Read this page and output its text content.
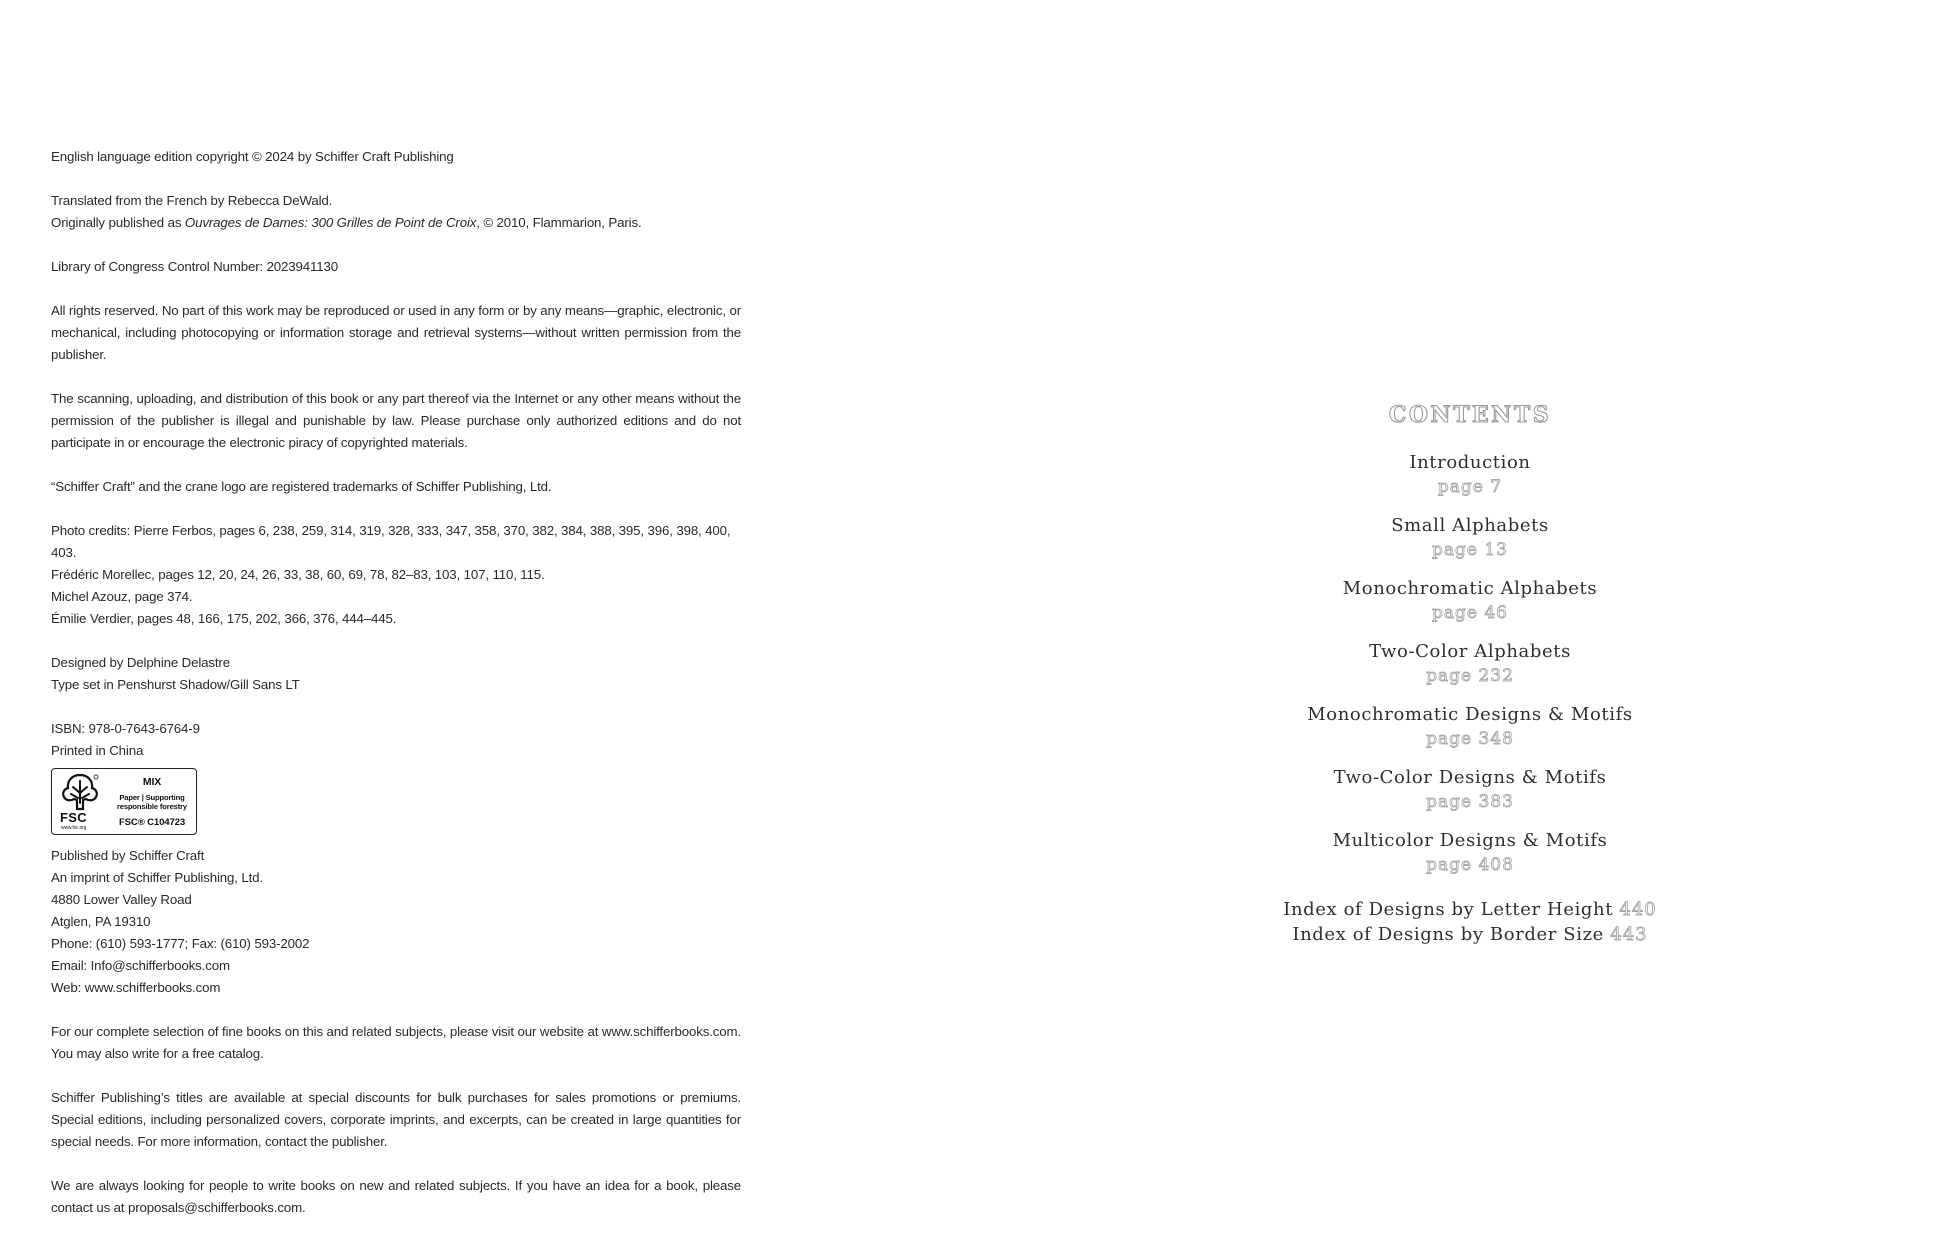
English language edition copyright © 2024 by Schiffer Craft Publishing

Translated from the French by Rebecca DeWald.
Originally published as Ouvrages de Dames: 300 Grilles de Point de Croix, © 2010, Flammarion, Paris.

Library of Congress Control Number: 2023941130

All rights reserved. No part of this work may be reproduced or used in any form or by any means—graphic, electronic, or mechanical, including photocopying or information storage and retrieval systems—without written permission from the publisher.

The scanning, uploading, and distribution of this book or any part thereof via the Internet or any other means without the permission of the publisher is illegal and punishable by law. Please purchase only authorized editions and do not participate in or encourage the electronic piracy of copyrighted materials.

“Schiffer Craft” and the crane logo are registered trademarks of Schiffer Publishing, Ltd.

Photo credits: Pierre Ferbos, pages 6, 238, 259, 314, 319, 328, 333, 347, 358, 370, 382, 384, 388, 395, 396, 398, 400, 403.
Frédéric Morellec, pages 12, 20, 24, 26, 33, 38, 60, 69, 78, 82–83, 103, 107, 110, 115.
Michel Azouz, page 374.
Émilie Verdier, pages 48, 166, 175, 202, 366, 376, 444–445.

Designed by Delphine Delastre
Type set in Penshurst Shadow/Gill Sans LT

ISBN: 978-0-7643-6764-9
Printed in China

FSC
www.fsc.org
MIX
Paper | Supporting
responsible forestry
FSC® C104723

Published by Schiffer Craft
An imprint of Schiffer Publishing, Ltd.
4880 Lower Valley Road
Atglen, PA 19310
Phone: (610) 593-1777; Fax: (610) 593-2002
Email: Info@schifferbooks.com
Web: www.schifferbooks.com

For our complete selection of fine books on this and related subjects, please visit our website at www.schifferbooks.com. You may also write for a free catalog.

Schiffer Publishing’s titles are available at special discounts for bulk purchases for sales promotions or premiums. Special editions, including personalized covers, corporate imprints, and excerpts, can be created in large quantities for special needs. For more information, contact the publisher.

We are always looking for people to write books on new and related subjects. If you have an idea for a book, please contact us at proposals@schifferbooks.com.

CONTENTS
Introduction
page 7
Small Alphabets
page 13
Monochromatic Alphabets
page 46
Two-Color Alphabets
page 232
Monochromatic Designs & Motifs
page 348
Two-Color Designs & Motifs
page 383
Multicolor Designs & Motifs
page 408
Index of Designs by Letter Height 440
Index of Designs by Border Size 443
